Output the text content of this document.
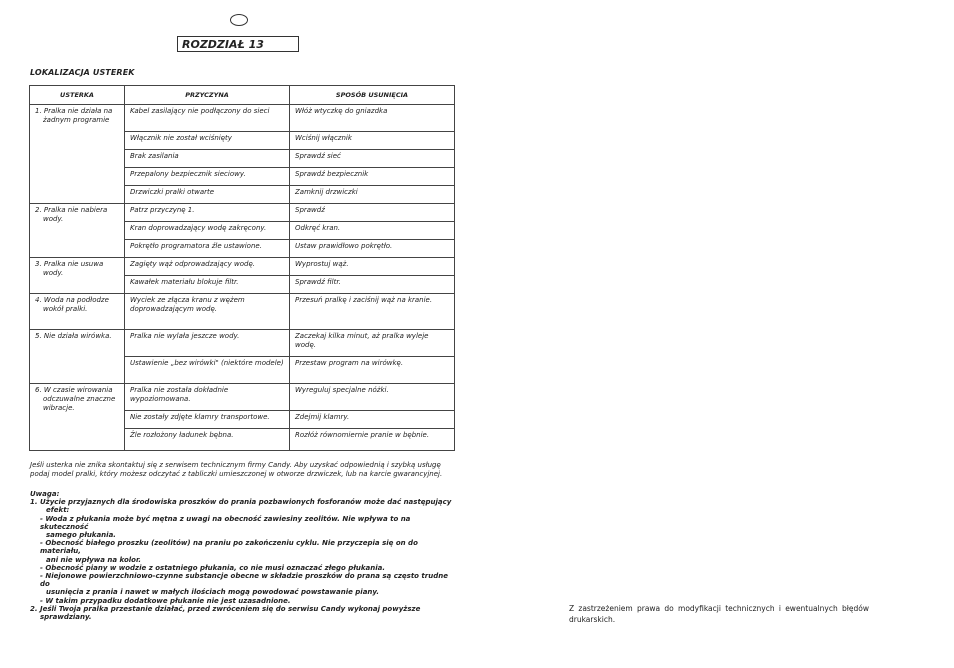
ROZDZIAŁ 13
LOKALIZACJA USTEREK
USTERKA	PRZYCZYNA	SPOSÓB USUNIĘCIA

1. Pralka nie działa na żadnym programie	Kabel zasilający nie podłączony do sieci	Włóż wtyczkę do gniazdka
	Włącznik nie został wciśnięty	Wciśnij włącznik
	Brak zasilania	Sprawdź sieć
	Przepalony bezpiecznik sieciowy.	Sprawdź bezpiecznik
	Drzwiczki pralki otwarte	Zamknij drzwiczki

2. Pralka nie nabiera wody.	Patrz przyczynę 1.	Sprawdź
	Kran doprowadzający wodę zakręcony.	Odkręć kran.
	Pokrętło programatora źle ustawione.	Ustaw prawidłowo pokrętło.

3. Pralka nie usuwa wody.	Zagięty wąż odprowadzający wodę.	Wyprostuj wąż.
	Kawałek materiału blokuje filtr.	Sprawdź filtr.

4. Woda na podłodze wokół pralki.	Wyciek ze złącza kranu z wężem doprowadzającym wodę.	Przesuń pralkę i zaciśnij wąż na kranie.

5. Nie działa wirówka.	Pralka nie wylała jeszcze wody.	Zaczekaj kilka minut, aż pralka wyleje wodę.
	Ustawienie „bez wirówki" (niektóre modele)	Przestaw program na wirówkę.

6. W czasie wirowania odczuwalne znaczne wibracje.	Pralka nie została dokładnie wypoziomowana.	Wyreguluj specjalne nóżki.
	Nie zostały zdjęte klamry transportowe.	Zdejmij klamry.
	Źle rozłożony ładunek bębna.	Rozłóż równomiernie pranie w bębnie.
Jeśli usterka nie znika skontaktuj się z serwisem technicznym firmy Candy. Aby uzyskać odpowiednią i szybką usługę podaj model pralki, który możesz odczytać z tabliczki umieszczonej w otworze drzwiczek, lub na karcie gwarancyjnej.
Uwaga:
1. Użycie przyjaznych dla środowiska proszków do prania pozbawionych fosforanów może dać następujący
efekt:
- Woda z płukania może być mętna z uwagi na obecność zawiesiny zeolitów. Nie wpływa to na skuteczność
samego płukania.
- Obecność białego proszku (zeolitów) na praniu po zakończeniu cyklu. Nie przyczepia się on do materiału,
ani nie wpływa na kolor.
- Obecność piany w wodzie z ostatniego płukania, co nie musi oznaczać złego płukania.
- Niejonowe powierzchniowo-czynne substancje obecne w składzie proszków do prana są często trudne do
usunięcia z prania i nawet w małych ilościach mogą powodować powstawanie piany.
- W takim przypadku dodatkowe płukanie nie jest uzasadnione.
2. Jeśli Twoja pralka przestanie działać, przed zwróceniem się do serwisu Candy wykonaj powyższe
sprawdziany.
Z zastrzeżeniem prawa do modyfikacji technicznych i ewentualnych błędów drukarskich.
